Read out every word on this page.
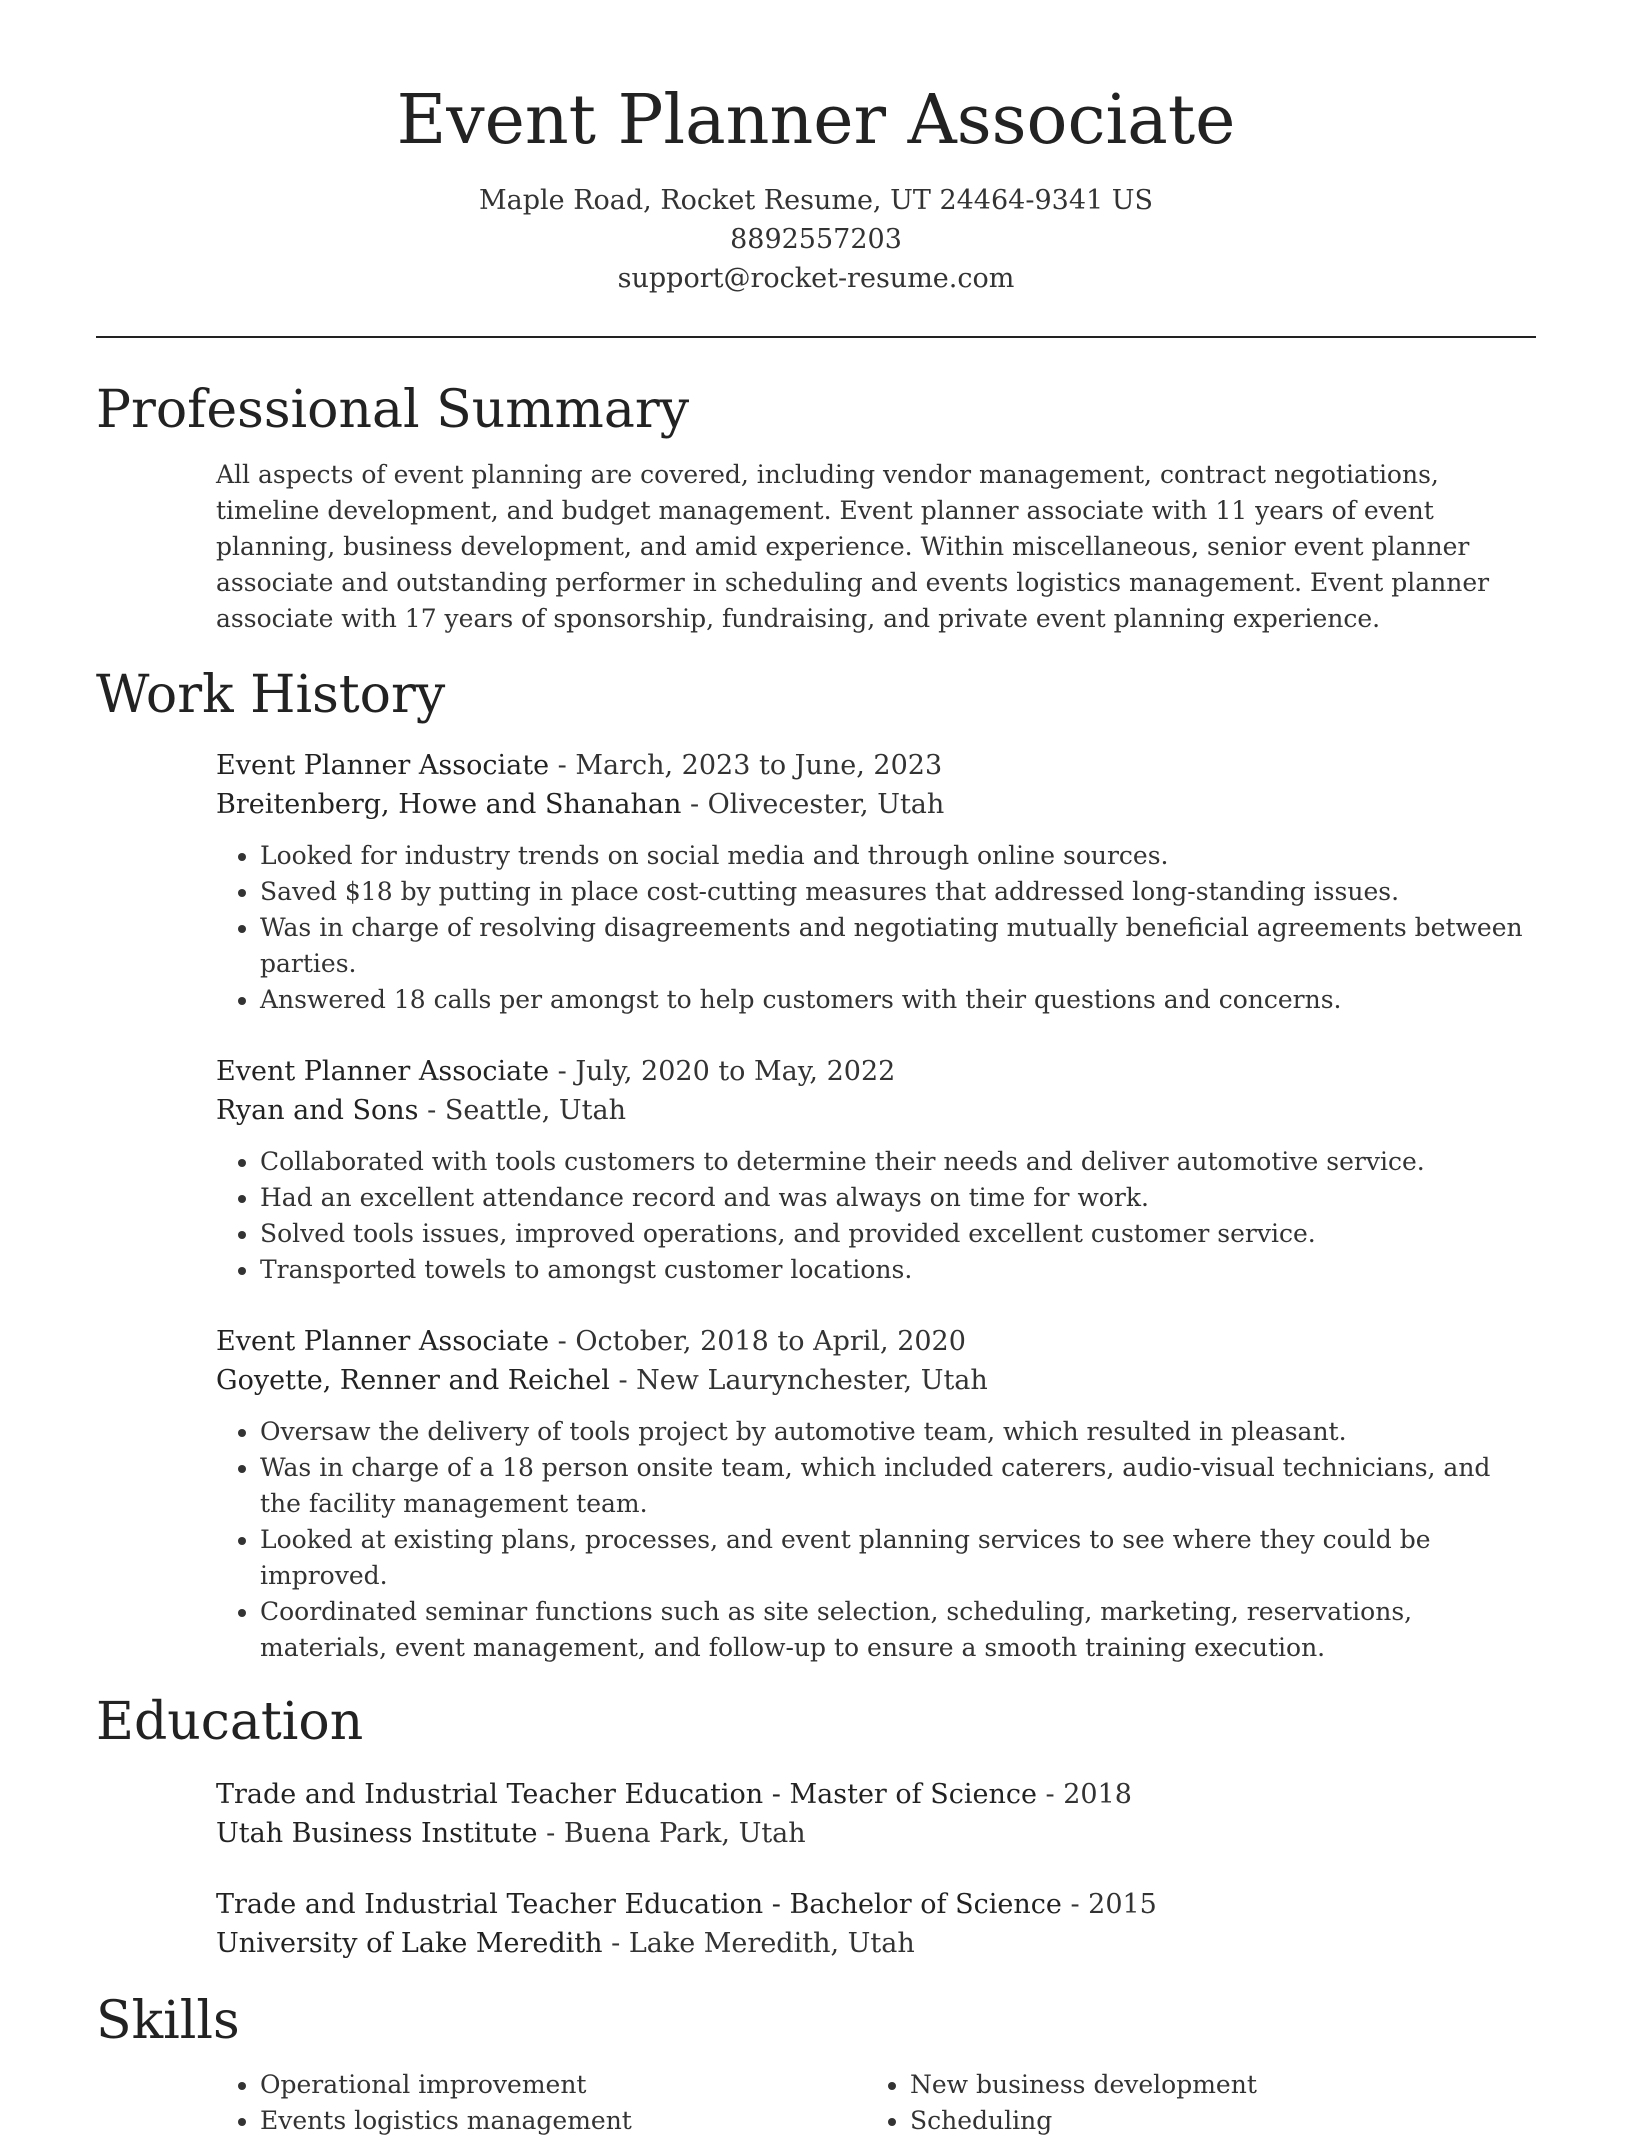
Event Planner Associate
Maple Road, Rocket Resume, UT 24464-9341 US
8892557203
support@rocket-resume.com
Professional Summary

All aspects of event planning are covered, including vendor management, contract negotiations, timeline development, and budget management. Event planner associate with 11 years of event planning, business development, and amid experience. Within miscellaneous, senior event planner associate and outstanding performer in scheduling and events logistics management. Event planner associate with 17 years of sponsorship, fundraising, and private event planning experience.

Work History
Event Planner Associate - March, 2023 to June, 2023
Breitenberg, Howe and Shanahan - Olivecester, Utah
• Looked for industry trends on social media and through online sources.
• Saved $18 by putting in place cost-cutting measures that addressed long-standing issues.
• Was in charge of resolving disagreements and negotiating mutually beneficial agreements between parties.
• Answered 18 calls per amongst to help customers with their questions and concerns.
Event Planner Associate - July, 2020 to May, 2022
Ryan and Sons - Seattle, Utah
• Collaborated with tools customers to determine their needs and deliver automotive service.
• Had an excellent attendance record and was always on time for work.
• Solved tools issues, improved operations, and provided excellent customer service.
• Transported towels to amongst customer locations.
Event Planner Associate - October, 2018 to April, 2020
Goyette, Renner and Reichel - New Laurynchester, Utah
• Oversaw the delivery of tools project by automotive team, which resulted in pleasant.
• Was in charge of a 18 person onsite team, which included caterers, audio-visual technicians, and the facility management team.
• Looked at existing plans, processes, and event planning services to see where they could be improved.
• Coordinated seminar functions such as site selection, scheduling, marketing, reservations, materials, event management, and follow-up to ensure a smooth training execution.
Education
Trade and Industrial Teacher Education - Master of Science - 2018
Utah Business Institute - Buena Park, Utah
Trade and Industrial Teacher Education - Bachelor of Science - 2015
University of Lake Meredith - Lake Meredith, Utah
Skills
• Operational improvement
• Events logistics management
• New business development
• Scheduling
